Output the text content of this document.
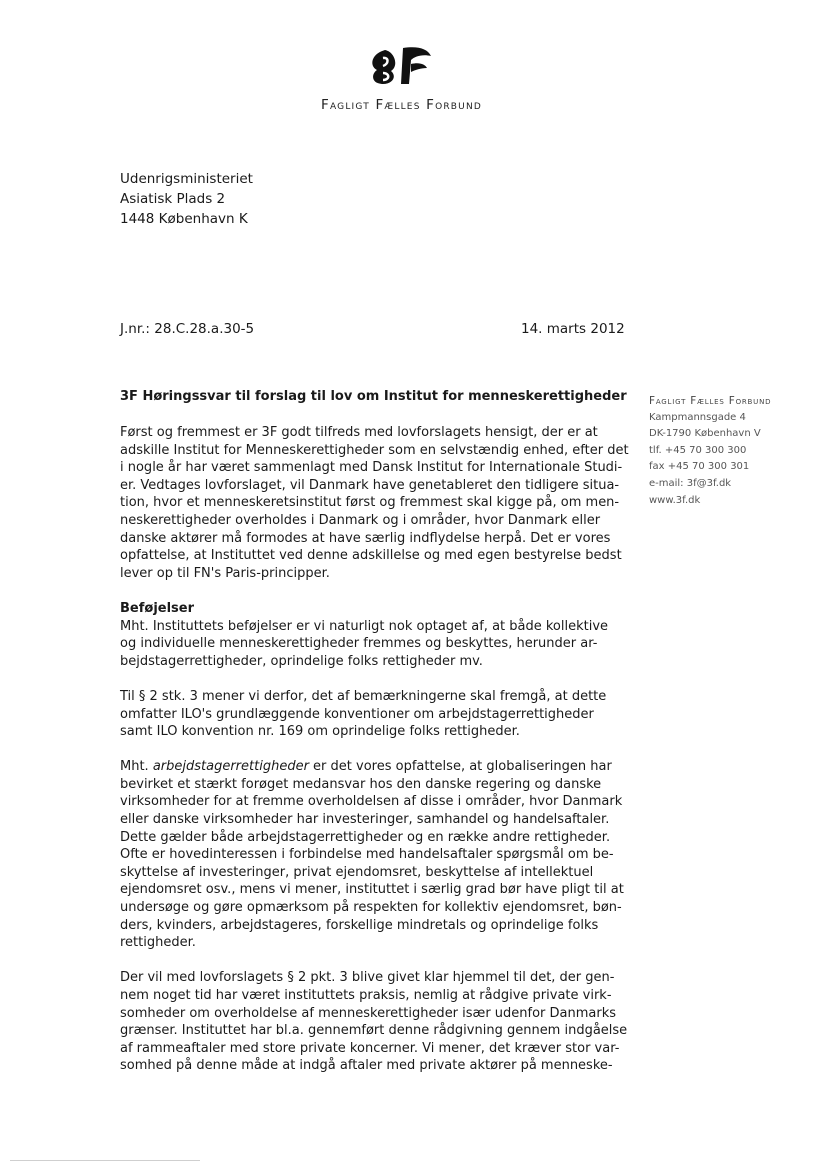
Fagligt Fælles Forbund
Udenrigsministeriet
Asiatisk Plads 2
1448 København K
J.nr.: 28.C.28.a.30-5	14. marts 2012
3F Høringssvar til forslag til lov om Institut for menneskerettigheder Fagligt Fælles Forbund
Kampmannsgade 4
DK-1790 København V
tlf. +45 70 300 300
fax +45 70 300 301
e-mail: 3f@3f.dk
www.3f.dk
Først og fremmest er 3F godt tilfreds med lovforslagets hensigt, der er at
adskille Institut for Menneskerettigheder som en selvstændig enhed, efter det
i nogle år har været sammenlagt med Dansk Institut for Internationale Studi-
er. Vedtages lovforslaget, vil Danmark have genetableret den tidligere situa-
tion, hvor et menneskeretsinstitut først og fremmest skal kigge på, om men-
neskerettigheder overholdes i Danmark og i områder, hvor Danmark eller
danske aktører må formodes at have særlig indflydelse herpå. Det er vores
opfattelse, at Instituttet ved denne adskillelse og med egen bestyrelse bedst
lever op til FN's Paris-principper.
Beføjelser
Mht. Instituttets beføjelser er vi naturligt nok optaget af, at både kollektive
og individuelle menneskerettigheder fremmes og beskyttes, herunder ar-
bejdstagerrettigheder, oprindelige folks rettigheder mv.
Til § 2 stk. 3 mener vi derfor, det af bemærkningerne skal fremgå, at dette
omfatter ILO's grundlæggende konventioner om arbejdstagerrettigheder
samt ILO konvention nr. 169 om oprindelige folks rettigheder.
Mht. arbejdstagerrettigheder er det vores opfattelse, at globaliseringen har
bevirket et stærkt forøget medansvar hos den danske regering og danske
virksomheder for at fremme overholdelsen af disse i områder, hvor Danmark
eller danske virksomheder har investeringer, samhandel og handelsaftaler.
Dette gælder både arbejdstagerrettigheder og en række andre rettigheder.
Ofte er hovedinteressen i forbindelse med handelsaftaler spørgsmål om be-
skyttelse af investeringer, privat ejendomsret, beskyttelse af intellektuel
ejendomsret osv., mens vi mener, instituttet i særlig grad bør have pligt til at
undersøge og gøre opmærksom på respekten for kollektiv ejendomsret, bøn-
ders, kvinders, arbejdstageres, forskellige mindretals og oprindelige folks
rettigheder.
Der vil med lovforslagets § 2 pkt. 3 blive givet klar hjemmel til det, der gen-
nem noget tid har været instituttets praksis, nemlig at rådgive private virk-
somheder om overholdelse af menneskerettigheder især udenfor Danmarks
grænser. Instituttet har bl.a. gennemført denne rådgivning gennem indgåelse
af rammeaftaler med store private koncerner. Vi mener, det kræver stor var-
somhed på denne måde at indgå aftaler med private aktører på menneske-
